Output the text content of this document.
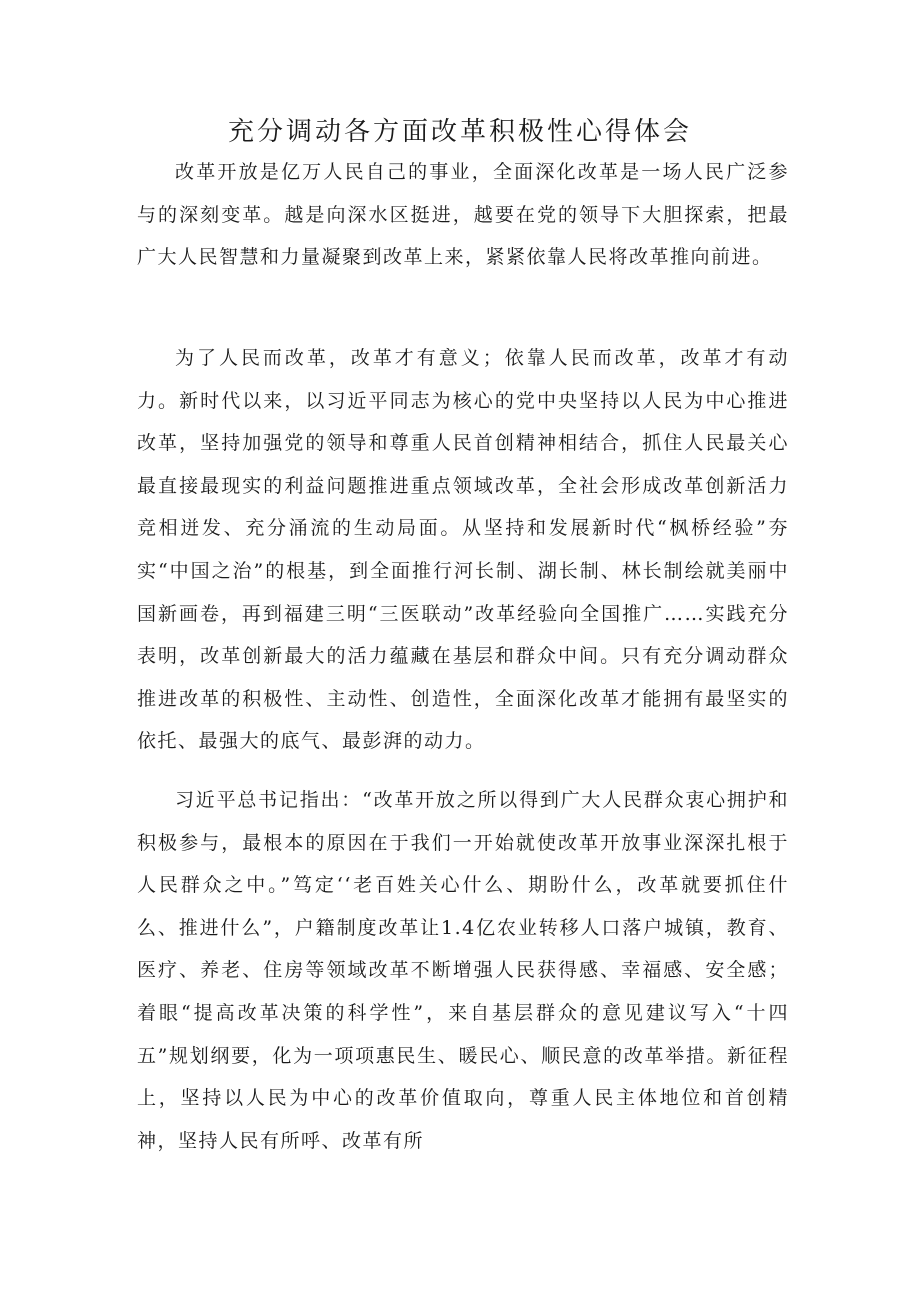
充分调动各方面改革积极性心得体会

改革开放是亿万人民自己的事业，全面深化改革是一场人民广泛参与的深刻变革。越是向深水区挺进，越要在党的领导下大胆探索，把最广大人民智慧和力量凝聚到改革上来，紧紧依靠人民将改革推向前进。

为了人民而改革，改革才有意义；依靠人民而改革，改革才有动力。新时代以来，以习近平同志为核心的党中央坚持以人民为中心推进改革，坚持加强党的领导和尊重人民首创精神相结合，抓住人民最关心最直接最现实的利益问题推进重点领域改革，全社会形成改革创新活力竞相迸发、充分涌流的生动局面。从坚持和发展新时代“枫桥经验”夯实“中国之治”的根基，到全面推行河长制、湖长制、林长制绘就美丽中国新画卷，再到福建三明“三医联动”改革经验向全国推广……实践充分表明，改革创新最大的活力蕴藏在基层和群众中间。只有充分调动群众推进改革的积极性、主动性、创造性，全面深化改革才能拥有最坚实的依托、最强大的底气、最彭湃的动力。

习近平总书记指出：“改革开放之所以得到广大人民群众衷心拥护和积极参与，最根本的原因在于我们一开始就使改革开放事业深深扎根于人民群众之中。”笃定‘‘老百姓关心什么、期盼什么，改革就要抓住什么、推进什么”，户籍制度改革让1.4亿农业转移人口落户城镇，教育、医疗、养老、住房等领域改革不断增强人民获得感、幸福感、安全感；着眼“提高改革决策的科学性”，来自基层群众的意见建议写入“十四五”规划纲要，化为一项项惠民生、暖民心、顺民意的改革举措。新征程上，坚持以人民为中心的改革价值取向，尊重人民主体地位和首创精神，坚持人民有所呼、改革有所
